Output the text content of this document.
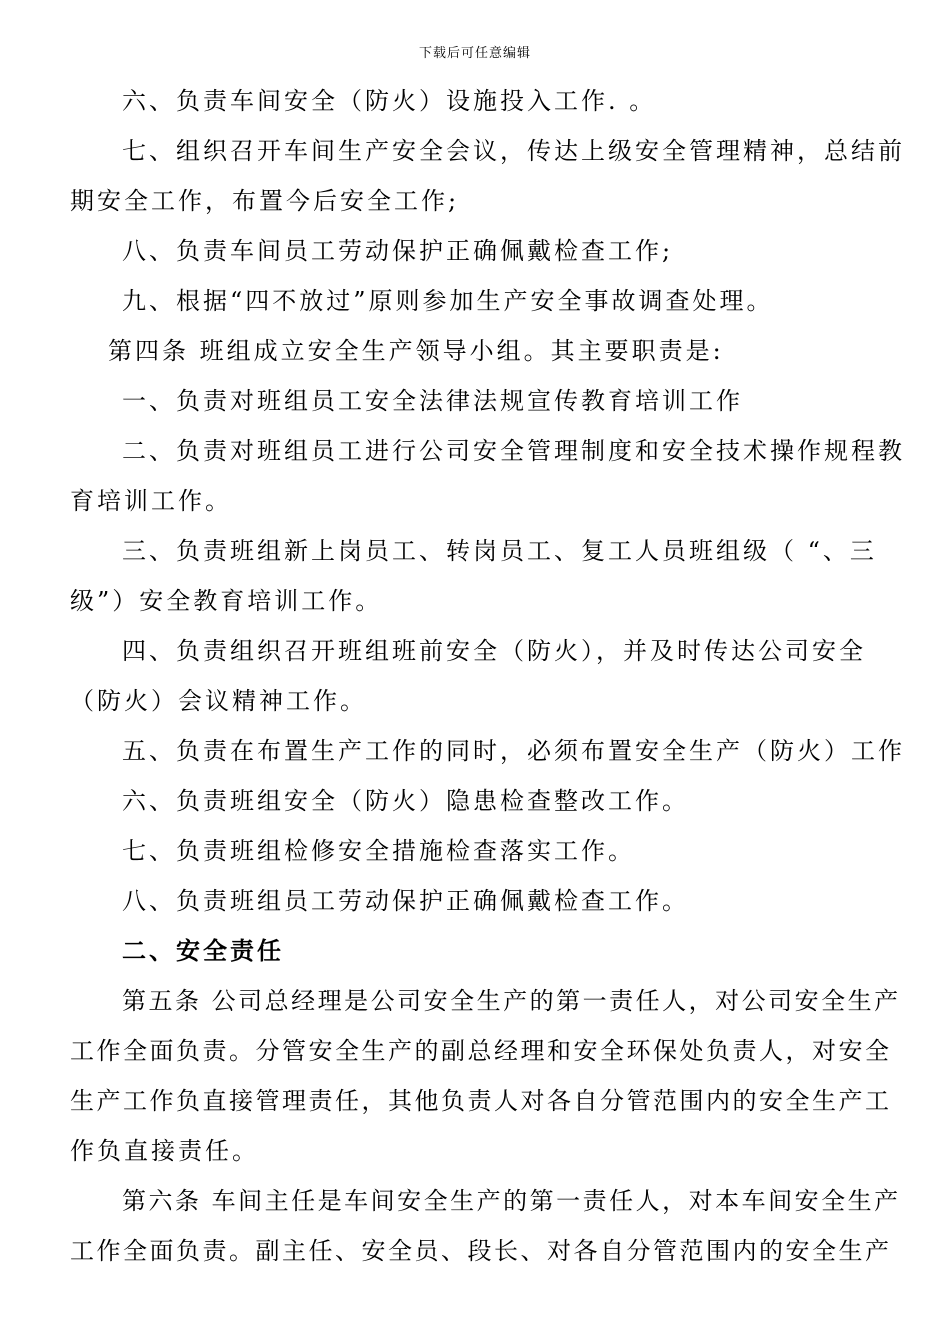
下载后可任意编辑
六、负责车间安全（防火）设施投入工作. 。
七、组织召开车间生产安全会议，传达上级安全管理精神，总结前
期安全工作，布置今后安全工作;
八、负责车间员工劳动保护正确佩戴检查工作;
九、根据“四不放过”原则参加生产安全事故调查处理。
第四条 班组成立安全生产领导小组。其主要职责是:
一、负责对班组员工安全法律法规宣传教育培训工作
二、负责对班组员工进行公司安全管理制度和安全技术操作规程教
育培训工作。
三、负责班组新上岗员工、转岗员工、复工人员班组级（ “、三
级”）安全教育培训工作。
四、负责组织召开班组班前安全（防火），并及时传达公司安全
（防火）会议精神工作。
五、负责在布置生产工作的同时，必须布置安全生产（防火）工作
六、负责班组安全（防火）隐患检查整改工作。
七、负责班组检修安全措施检查落实工作。
八、负责班组员工劳动保护正确佩戴检查工作。
二、安全责任
第五条 公司总经理是公司安全生产的第一责任人，对公司安全生产
工作全面负责。分管安全生产的副总经理和安全环保处负责人，对安全
生产工作负直接管理责任，其他负责人对各自分管范围内的安全生产工
作负直接责任。
第六条 车间主任是车间安全生产的第一责任人，对本车间安全生产
工作全面负责。副主任、安全员、段长、对各自分管范围内的安全生产
